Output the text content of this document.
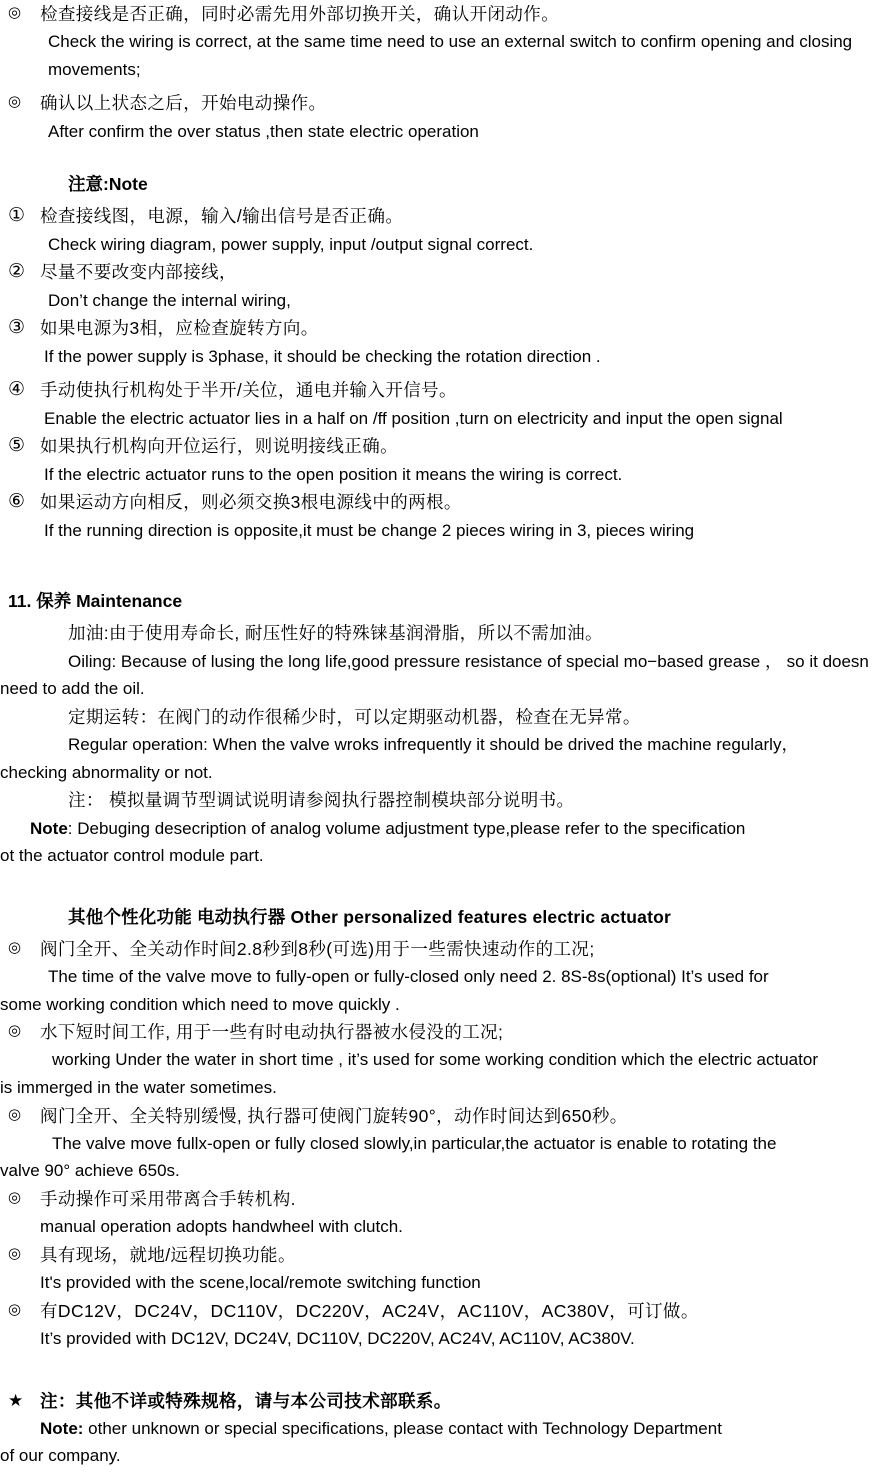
◎	检查接线是否正确，同时必需先用外部切换开关，确认开闭动作。
Check the wiring is correct, at the same time need to use an external switch to confirm opening and closing movements;
◎	确认以上状态之后，开始电动操作。
After confirm the over status ,then state electric operation
注意:Note
① 检查接线图，电源，输入/输出信号是否正确。
Check wiring diagram, power supply, input /output signal correct.
② 尽量不要改变内部接线，
Don’t change the internal wiring,
③ 如果电源为3相，应检查旋转方向。
If the power supply is 3phase, it should be checking the rotation direction .
④ 手动使执行机构处于半开/关位，通电并输入开信号。
Enable the electric actuator lies in a half on /ff position ,turn on electricity and input the open signal
⑤ 如果执行机构向开位运行，则说明接线正确。
If the electric actuator runs to the open position it means the wiring is correct.
⑥ 如果运动方向相反，则必须交换3根电源线中的两根。
If the running direction is opposite,it must be change 2 pieces wiring in 3, pieces wiring
11. 保养 Maintenance
加油:由于使用寿命长, 耐压性好的特殊铼基润滑脂，所以不需加油。
Oiling: Because of lusing the long life,good pressure resistance of special mo−based grease ， so it doesn
need to add the oil.
定期运转：在阀门的动作很稀少时，可以定期驱动机器，检查在无异常。
Regular operation: When the valve wroks infrequently it should be drived the machine regularly，
checking abnormality or not.
注： 模拟量调节型调试说明请参阅执行器控制模块部分说明书。
Note: Debuging desecription of analog volume adjustment type,please refer to the specification
ot the actuator control module part.
其他个性化功能 电动执行器 Other personalized features electric actuator
◎	阀门全开、全关动作时间2.8秒到8秒(可选)用于一些需快速动作的工况;
The time of the valve move to fully-open or fully-closed only need 2. 8S-8s(optional) It’s used for
some working condition which need to move quickly .
◎	水下短时间工作, 用于一些有时电动执行器被水侵没的工况;
working Under the water in short time , it’s used for some working condition which the electric actuator
is immerged in the water sometimes.
◎	阀门全开、全关特别缓慢, 执行器可使阀门旋转90°，动作时间达到650秒。
The valve move fullx-open or fully closed slowly,in particular,the actuator is enable to rotating the
valve 90° achieve 650s.
◎	手动操作可采用带离合手转机构.
manual operation adopts handwheel with clutch.
◎	具有现场，就地/远程切换功能。
It's provided with the scene,local/remote switching function
◎	有DC12V，DC24V，DC110V，DC220V，AC24V，AC110V，AC380V，可订做。
It’s provided with DC12V, DC24V, DC110V, DC220V, AC24V, AC110V, AC380V.
★ 注：其他不详或特殊规格，请与本公司技术部联系。
Note: other unknown or special specifications, please contact with Technology Department
of our company.
